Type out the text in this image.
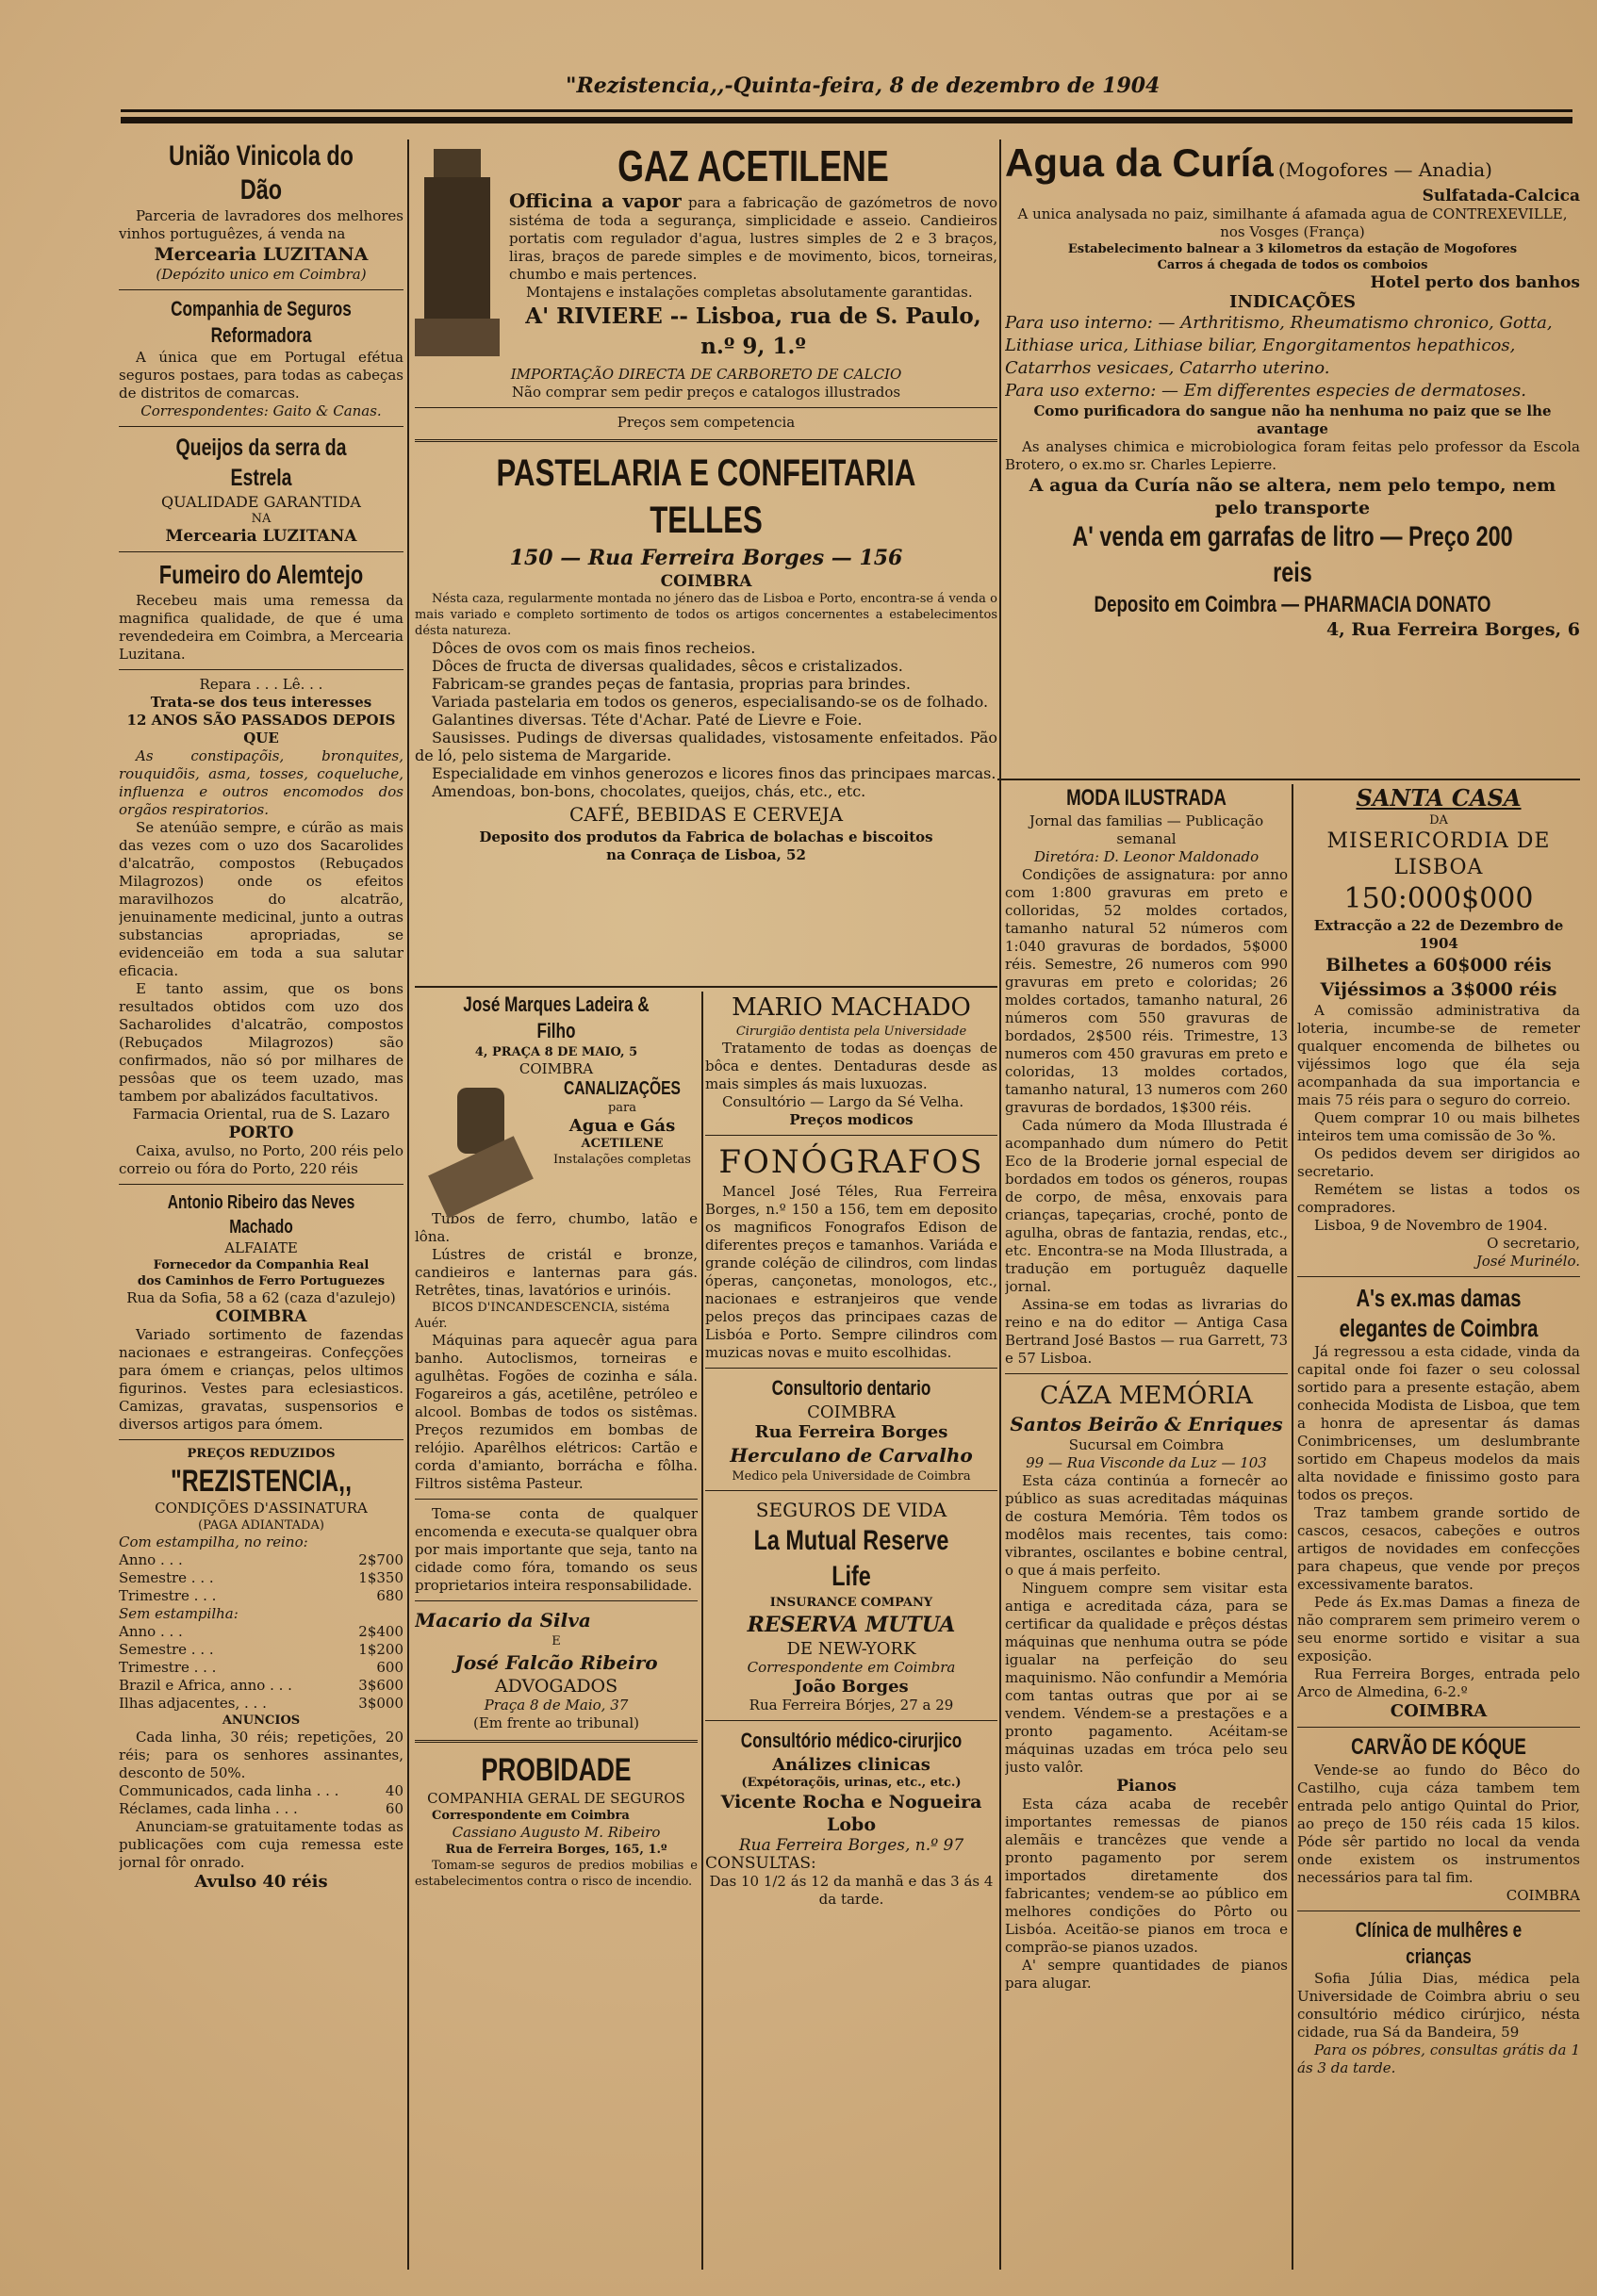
"Rezistencia,,-Quinta-feira, 8 de dezembro de 1904

União Vinicola do Dão

Parceria de lavradores dos melhores vinhos portuguêzes, á venda na

Mercearia LUZITANA

(Depózito unico em Coimbra)

Companhia de Seguros Reformadora

A única que em Portugal efétua seguros postaes, para todas as cabeças de distritos de comarcas.

Correspondentes: Gaito & Canas.

Queijos da serra da Estrela

QUALIDADE GARANTIDA

NA

Mercearia LUZITANA

Fumeiro do Alemtejo

Recebeu mais uma remessa da magnifica qualidade, de que é uma revendedeira em Coimbra, a Mercearia Luzitana.

Repara . . . Lê. . .

Trata-se dos teus interesses

12 ANOS SÃO PASSADOS DEPOIS QUE

As constipaçõis, bronquites, rouquidõis, asma, tosses, coqueluche, influenza e outros encomodos dos orgãos respiratorios.

Se atenúão sempre, e cúrão as mais das vezes com o uzo dos Sacarolides d'alcatrão, compostos (Rebuçados Milagrozos) onde os efeitos maravilhozos do alcatrão, jenuinamente medicinal, junto a outras substancias apropriadas, se evidenceião em toda a sua salutar eficacia.

E tanto assim, que os bons resultados obtidos com uzo dos Sacharolides d'alcatrão, compostos (Rebuçados Milagrozos) são confirmados, não só por milhares de pessôas que os teem uzado, mas tambem por abalizádos facultativos.

Farmacia Oriental, rua de S. Lazaro

PORTO

Caixa, avulso, no Porto, 200 réis pelo correio ou fóra do Porto, 220 réis

Antonio Ribeiro das Neves Machado

ALFAIATE

Fornecedor da Companhia Real

dos Caminhos de Ferro Portuguezes

Rua da Sofia, 58 a 62 (caza d'azulejo)

COIMBRA

Variado sortimento de fazendas nacionaes e estrangeiras. Confeçções para ómem e crianças, pelos ultimos figurinos. Vestes para eclesiasticos. Camizas, gravatas, suspensorios e diversos artigos para ómem.

PREÇOS REDUZIDOS

"REZISTENCIA,,

CONDIÇÕES D'ASSINATURA

(PAGA ADIANTADA)

Com estampilha, no reino:

Anno . . .	2$700
Semestre . . .	1$350
Trimestre . . .	680

Sem estampilha:

Anno . . .	2$400
Semestre . . .	1$200
Trimestre . . .	600
Brazil e Africa, anno . . .	3$600
Ilhas adjacentes, . . .	3$000

ANUNCIOS

Cada linha, 30 réis; repetições, 20 réis; para os senhores assinantes, desconto de 50%.

Communicados, cada linha . . .	40
Réclames, cada linha . . .	60

Anunciam-se gratuitamente todas as publicações com cuja remessa este jornal fôr onrado.

Avulso 40 réis

GAZ ACETILENE

Officina a vapor para a fabricação de gazómetros de novo sistéma de toda a segurança, simplicidade e asseio. Candieiros portatis com regulador d'agua, lustres simples de 2 e 3 braços, liras, braços de parede simples e de movimento, bicos, torneiras, chumbo e mais pertences.

Montajens e instalações completas absolutamente garantidas.

A' RIVIERE -- Lisboa, rua de S. Paulo, n.º 9, 1.º

IMPORTAÇÃO DIRECTA DE CARBORETO DE CALCIO

Não comprar sem pedir preços e catalogos illustrados

Preços sem competencia

PASTELARIA E CONFEITARIA TELLES

150 — Rua Ferreira Borges — 156

COIMBRA

Nésta caza, regularmente montada no jénero das de Lisboa e Porto, encontra-se á venda o mais variado e completo sortimento de todos os artigos concernentes a estabelecimentos désta natureza.

Dôces de ovos com os mais finos recheios.

Dôces de fructa de diversas qualidades, sêcos e cristalizados.

Fabricam-se grandes peças de fantasia, proprias para brindes.

Variada pastelaria em todos os generos, especialisando-se os de folhado.

Galantines diversas. Téte d'Achar. Paté de Lievre e Foie.

Sausisses. Pudings de diversas qualidades, vistosamente enfeitados. Pão de ló, pelo sistema de Margaride.

Especialidade em vinhos generozos e licores finos das principaes marcas.

Amendoas, bon-bons, chocolates, queijos, chás, etc., etc.

CAFÉ, BEBIDAS E CERVEJA

Deposito dos produtos da Fabrica de bolachas e biscoitos

na Conraça de Lisboa, 52

José Marques Ladeira & Filho

4, PRAÇA 8 DE MAIO, 5

COIMBRA

CANALIZAÇÕES

para

Agua e Gás

ACETILENE

Instalações completas

Tubos de ferro, chumbo, latão e lôna.

Lústres de cristál e bronze, candieiros e lanternas para gás. Retrêtes, tinas, lavatórios e urinóis.

BICOS D'INCANDESCENCIA, sistéma Auér.

Máquinas para aquecêr agua para banho. Autoclismos, torneiras e agulhêtas. Fogões de cozinha e sála. Fogareiros a gás, acetilêne, petróleo e alcool. Bombas de todos os sistêmas. Preços rezumidos em bombas de relójio. Aparêlhos elétricos: Cartão e corda d'amianto, borrácha e fôlha. Filtros sistêma Pasteur.

Toma-se conta de qualquer encomenda e executa-se qualquer obra por mais importante que seja, tanto na cidade como fóra, tomando os seus proprietarios inteira responsabilidade.

Macario da Silva

E

José Falcão Ribeiro

ADVOGADOS

Praça 8 de Maio, 37

(Em frente ao tribunal)

PROBIDADE

COMPANHIA GERAL DE SEGUROS

Correspondente em Coimbra

Cassiano Augusto M. Ribeiro

Rua de Ferreira Borges, 165, 1.º

Tomam-se seguros de predios mobilias e estabelecimentos contra o risco de incendio.

MARIO MACHADO

Cirurgião dentista pela Universidade

Tratamento de todas as doenças de bôca e dentes. Dentaduras desde as mais simples ás mais luxuozas.

Consultório — Largo da Sé Velha.

Preços modicos

FONÓGRAFOS

Mancel José Téles, Rua Ferreira Borges, n.º 150 a 156, tem em deposito os magnificos Fonografos Edison de diferentes preços e tamanhos. Variáda e grande coléção de cilindros, com lindas óperas, cançonetas, monologos, etc., nacionaes e estranjeiros que vende pelos preços das principaes cazas de Lisbóa e Porto. Sempre cilindros com muzicas novas e muito escolhidas.

Consultorio dentario

COIMBRA

Rua Ferreira Borges

Herculano de Carvalho

Medico pela Universidade de Coimbra

SEGUROS DE VIDA

La Mutual Reserve Life

INSURANCE COMPANY

RESERVA MUTUA

DE NEW-YORK

Correspondente em Coimbra

João Borges

Rua Ferreira Bórjes, 27 a 29

Consultório médico-cirurjico

Análizes clinicas

(Expétoraçõis, urinas, etc., etc.)

Vicente Rocha e Nogueira Lobo

Rua Ferreira Borges, n.º 97

CONSULTAS:

Das 10 1/2 ás 12 da manhã e das 3 ás 4 da tarde.

Agua da Curía (Mogofores — Anadia)

Sulfatada-Calcica

A unica analysada no paiz, similhante á afamada agua de CONTREXEVILLE, nos Vosges (França)

Estabelecimento balnear a 3 kilometros da estação de Mogofores

Carros á chegada de todos os comboios

Hotel perto dos banhos

INDICAÇÕES

Para uso interno: — Arthritismo, Rheumatismo chronico, Gotta, Lithiase urica, Lithiase biliar, Engorgitamentos hepathicos, Catarrhos vesicaes, Catarrho uterino.

Para uso externo: — Em differentes especies de dermatoses.

Como purificadora do sangue não ha nenhuma no paiz que se lhe avantage

As analyses chimica e microbiologica foram feitas pelo professor da Escola Brotero, o ex.mo sr. Charles Lepierre.

A agua da Curía não se altera, nem pelo tempo, nem pelo transporte

A' venda em garrafas de litro — Preço 200 reis

Deposito em Coimbra — PHARMACIA DONATO

4, Rua Ferreira Borges, 6

MODA ILUSTRADA

Jornal das familias — Publicação semanal

Diretóra: D. Leonor Maldonado

Condições de assignatura: por anno com 1:800 gravuras em preto e colloridas, 52 moldes cortados, tamanho natural 52 números com 1:040 gravuras de bordados, 5$000 réis. Semestre, 26 numeros com 990 gravuras em preto e coloridas; 26 moldes cortados, tamanho natural, 26 números com 550 gravuras de bordados, 2$500 réis. Trimestre, 13 numeros com 450 gravuras em preto e coloridas, 13 moldes cortados, tamanho natural, 13 numeros com 260 gravuras de bordados, 1$300 réis.

Cada número da Moda Illustrada é acompanhado dum número do Petit Eco de la Broderie jornal especial de bordados em todos os géneros, roupas de corpo, de mêsa, enxovais para crianças, tapeçarias, croché, ponto de agulha, obras de fantazia, rendas, etc., etc. Encontra-se na Moda Illustrada, a tradução em portuguêz daquelle jornal.

Assina-se em todas as livrarias do reino e na do editor — Antiga Casa Bertrand José Bastos — rua Garrett, 73 e 57 Lisboa.

CÁZA MEMÓRIA

Santos Beirão & Enriques

Sucursal em Coimbra

99 — Rua Visconde da Luz — 103

Esta cáza continúa a fornecêr ao público as suas acreditadas máquinas de costura Memória. Têm todos os modêlos mais recentes, tais como: vibrantes, oscilantes e bobine central, o que á mais perfeito.

Ninguem compre sem visitar esta antiga e acreditada cáza, para se certificar da qualidade e prêços déstas máquinas que nenhuma outra se póde igualar na perfeição do seu maquinismo. Não confundir a Memória com tantas outras que por ai se vendem. Véndem-se a prestações e a pronto pagamento. Acéitam-se máquinas uzadas em tróca pelo seu justo valôr.

Pianos

Esta cáza acaba de recebêr importantes remessas de pianos alemãis e trancêzes que vende a pronto pagamento por serem importados diretamente dos fabricantes; vendem-se ao público em melhores condições do Pôrto ou Lisbóa. Aceitão-se pianos em troca e comprão-se pianos uzados.

A' sempre quantidades de pianos para alugar.

SANTA CASA

DA

MISERICORDIA DE LISBOA

150:000$000

Extracção a 22 de Dezembro de 1904

Bilhetes a 60$000 réis

Vijéssimos a 3$000 réis

A comissão administrativa da loteria, incumbe-se de remeter qualquer encomenda de bilhetes ou vijéssimos logo que éla seja acompanhada da sua importancia e mais 75 réis para o seguro do correio.

Quem comprar 10 ou mais bilhetes inteiros tem uma comissão de 3o %.

Os pedidos devem ser dirigidos ao secretario.

Remétem se listas a todos os compradores.

Lisboa, 9 de Novembro de 1904.

O secretario,

José Murinélo.

A's ex.mas damas elegantes de Coimbra

Já regressou a esta cidade, vinda da capital onde foi fazer o seu colossal sortido para a presente estação, abem conhecida Modista de Lisboa, que tem a honra de apresentar ás damas Conimbricenses, um deslumbrante sortido em Chapeus modelos da mais alta novidade e finissimo gosto para todos os preços.

Traz tambem grande sortido de cascos, cesacos, cabeções e outros artigos de novidades em confecções para chapeus, que vende por preços excessivamente baratos.

Pede ás Ex.mas Damas a fineza de não comprarem sem primeiro verem o seu enorme sortido e visitar a sua exposição.

Rua Ferreira Borges, entrada pelo Arco de Almedina, 6-2.º

COIMBRA

CARVÃO DE KÓQUE

Vende-se ao fundo do Bêco do Castilho, cuja cáza tambem tem entrada pelo antigo Quintal do Prior, ao preço de 150 réis cada 15 kilos. Póde sêr partido no local da venda onde existem os instrumentos necessários para tal fim.

COIMBRA

Clínica de mulhêres e crianças

Sofia Júlia Dias, médica pela Universidade de Coimbra abriu o seu consultório médico cirúrjico, nésta cidade, rua Sá da Bandeira, 59

Para os póbres, consultas grátis da 1 ás 3 da tarde.
